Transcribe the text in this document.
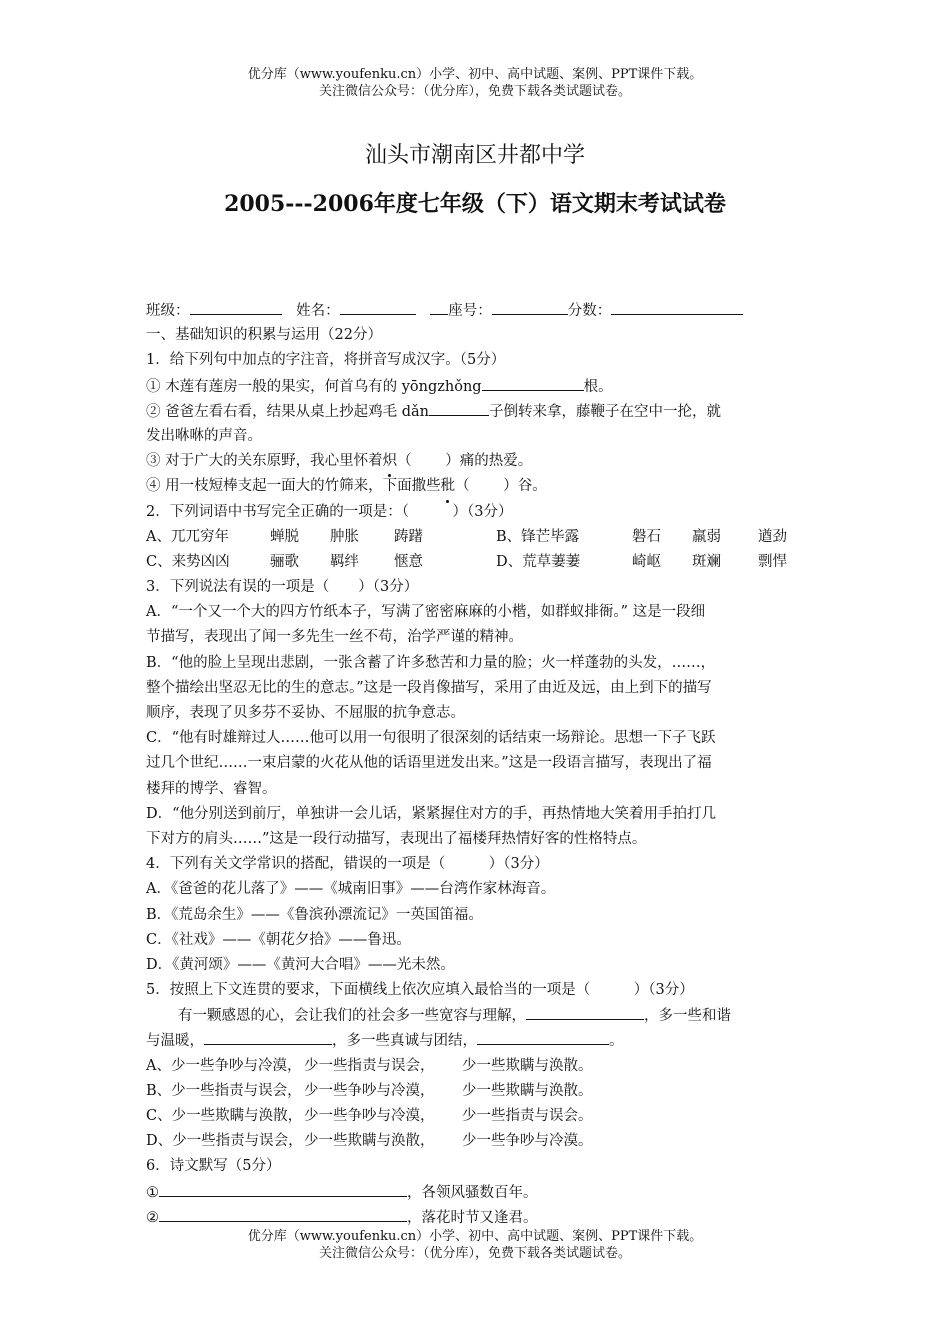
优分库（www.youfenku.cn）小学、初中、高中试题、案例、PPT课件下载。
关注微信公众号：（优分库），免费下载各类试题试卷。
汕头市潮南区井都中学
2005---2006年度七年级（下）语文期末考试试卷
班级：	姓名：	座号：	分数：
一、基础知识的积累与运用（22分）
1．给下列句中加点的字注音，将拼音写成汉字。（5分）
① 木莲有莲房一般的果实，何首乌有的 yōngzhǒng	根。
② 爸爸左看右看，结果从桌上抄起鸡毛 dǎn	子倒转来拿，藤鞭子在空中一抡，就
发出咻咻的声音。
③ 对于广大的关东原野，我心里怀着炽（　　 ）痛的热爱。
④ 用一枝短棒支起一面大的竹筛来，下面撒些秕（　　 ）谷。
2．下列词语中书写完全正确的一项是：（　　　）（3分）
A、兀兀穷年	蝉脱 肿胀 踌躇	B、锋芒毕露	磐石 羸弱	遒劲
C、来势凶凶	骊歌 羁绊 惬意	D、荒草萋萋	崎岖 斑斓	剽悍
3．下列说法有误的一项是（　　）（3分）
A．“一个又一个大的四方竹纸本子，写满了密密麻麻的小楷，如群蚁排衙。” 这是一段细
节描写，表现出了闻一多先生一丝不苟，治学严谨的精神。
B．“他的脸上呈现出悲剧，一张含蓄了许多愁苦和力量的脸；火一样蓬勃的头发，……，
整个描绘出坚忍无比的生的意志。”这是一段肖像描写，采用了由近及远，由上到下的描写
顺序，表现了贝多芬不妥协、不屈服的抗争意志。
C．“他有时雄辩过人……他可以用一句很明了很深刻的话结束一场辩论。思想一下子飞跃
过几个世纪……一束启蒙的火花从他的话语里迸发出来。”这是一段语言描写，表现出了福
楼拜的博学、睿智。
D．“他分别送到前厅，单独讲一会儿话，紧紧握住对方的手，再热情地大笑着用手拍打几
下对方的肩头……”这是一段行动描写，表现出了福楼拜热情好客的性格特点。
4．下列有关文学常识的搭配，错误的一项是（　　　）（3分）
A．《爸爸的花儿落了》——《城南旧事》——台湾作家林海音。
B．《荒岛余生》——《鲁滨孙漂流记》一英国笛福。
C．《社戏》——《朝花夕拾》——鲁迅。
D．《黄河颂》——《黄河大合唱》——光未然。
5．按照上下文连贯的要求，下面横线上依次应填入最恰当的一项是（　　　）（3分）
有一颗感恩的心，会让我们的社会多一些宽容与理解，	，多一些和谐
与温暖，	，多一些真诚与团结，	。
A、少一些争吵与冷漠， 少一些指责与误会， 少一些欺瞒与涣散。
B、少一些指责与误会， 少一些争吵与冷漠， 少一些欺瞒与涣散。
C、少一些欺瞒与涣散， 少一些争吵与冷漠， 少一些指责与误会。
D、少一些指责与误会，少一些欺瞒与涣散， 少一些争吵与冷漠。
6．诗文默写（5分）
①	，各领风骚数百年。
②	，落花时节又逢君。
优分库（www.youfenku.cn）小学、初中、高中试题、案例、PPT课件下载。
关注微信公众号：（优分库），免费下载各类试题试卷。
